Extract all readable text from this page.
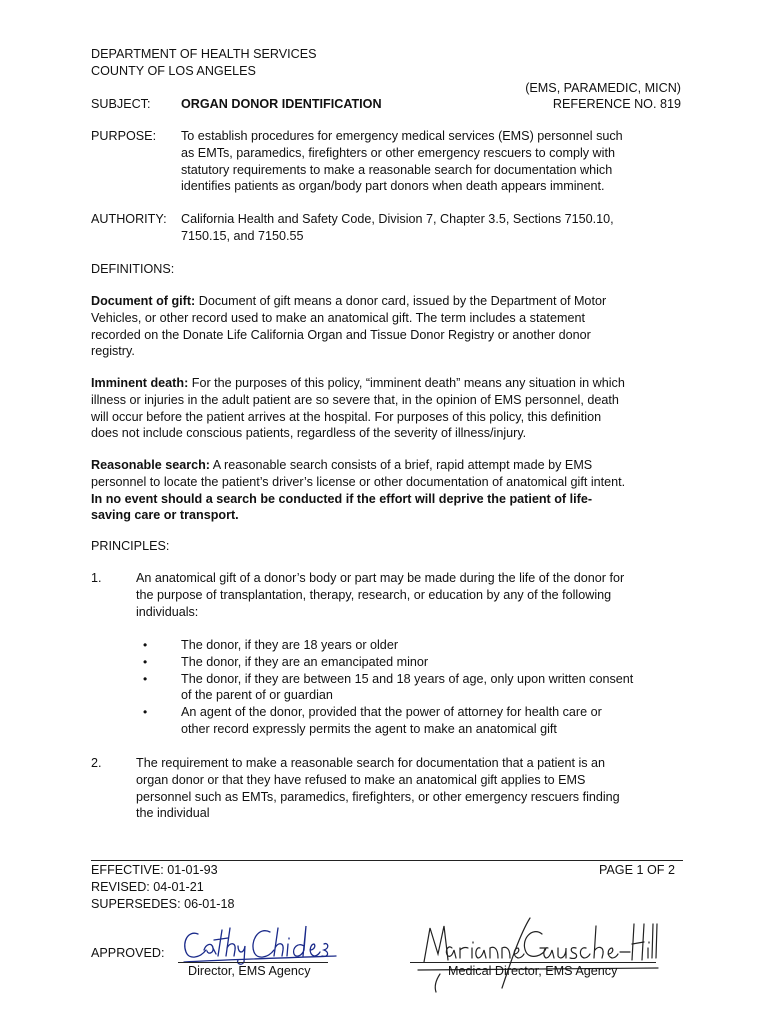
DEPARTMENT OF HEALTH SERVICES
COUNTY OF LOS ANGELES
(EMS, PARAMEDIC, MICN)
SUBJECT: ORGAN DONOR IDENTIFICATION	REFERENCE NO. 819
PURPOSE: To establish procedures for emergency medical services (EMS) personnel such
as EMTs, paramedics, firefighters or other emergency rescuers to comply with
statutory requirements to make a reasonable search for documentation which
identifies patients as organ/body part donors when death appears imminent.
AUTHORITY: California Health and Safety Code, Division 7, Chapter 3.5, Sections 7150.10,
7150.15, and 7150.55
DEFINITIONS:
Document of gift: Document of gift means a donor card, issued by the Department of Motor
Vehicles, or other record used to make an anatomical gift. The term includes a statement
recorded on the Donate Life California Organ and Tissue Donor Registry or another donor
registry.
Imminent death: For the purposes of this policy, “imminent death” means any situation in which
illness or injuries in the adult patient are so severe that, in the opinion of EMS personnel, death
will occur before the patient arrives at the hospital. For purposes of this policy, this definition
does not include conscious patients, regardless of the severity of illness/injury.
Reasonable search: A reasonable search consists of a brief, rapid attempt made by EMS
personnel to locate the patient’s driver’s license or other documentation of anatomical gift intent.
In no event should a search be conducted if the effort will deprive the patient of life-
saving care or transport.
PRINCIPLES:
1.	An anatomical gift of a donor’s body or part may be made during the life of the donor for
the purpose of transplantation, therapy, research, or education by any of the following
individuals:
• The donor, if they are 18 years or older
• The donor, if they are an emancipated minor
• The donor, if they are between 15 and 18 years of age, only upon written consent
of the parent of or guardian
• An agent of the donor, provided that the power of attorney for health care or
other record expressly permits the agent to make an anatomical gift
2.	The requirement to make a reasonable search for documentation that a patient is an
organ donor or that they have refused to make an anatomical gift applies to EMS
personnel such as EMTs, paramedics, firefighters, or other emergency rescuers finding
the individual
EFFECTIVE: 01-01-93	PAGE 1 OF 2
REVISED: 04-01-21
SUPERSEDES: 06-01-18
APPROVED:
Director, EMS Agency	Medical Director, EMS Agency
